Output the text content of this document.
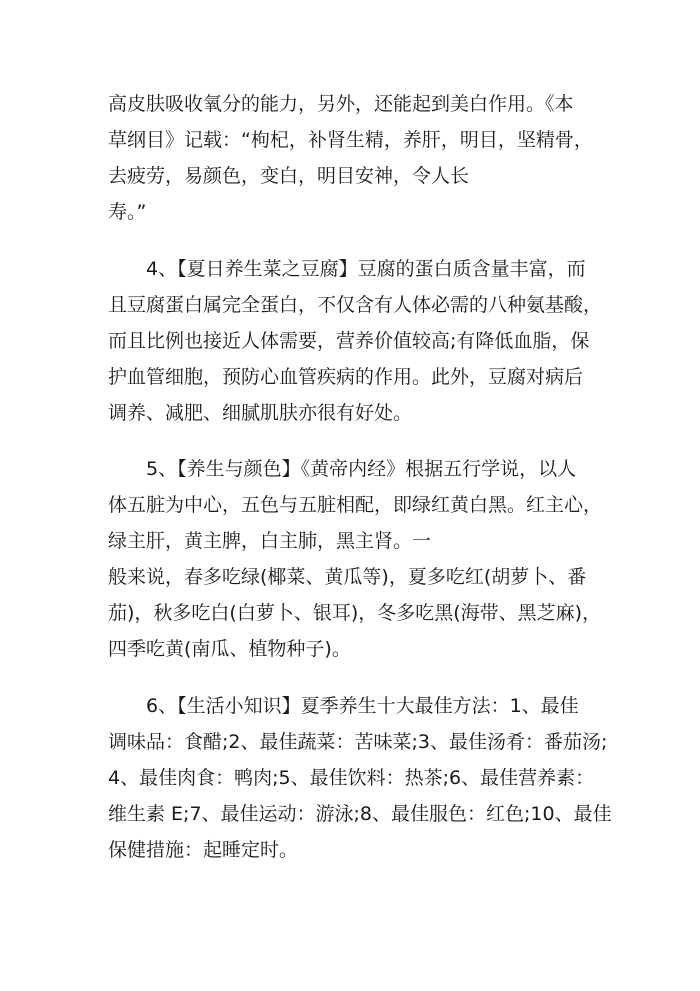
高皮肤吸收氧分的能力，另外，还能起到美白作用。《本
草纲目》记载：“枸杞，补肾生精，养肝，明目，坚精骨，
去疲劳，易颜色，变白，明目安神，令人长
寿。”
4、【夏日养生菜之豆腐】豆腐的蛋白质含量丰富，而
且豆腐蛋白属完全蛋白，不仅含有人体必需的八种氨基酸，
而且比例也接近人体需要，营养价值较高;有降低血脂，保
护血管细胞，预防心血管疾病的作用。此外，豆腐对病后
调养、减肥、细腻肌肤亦很有好处。
5、【养生与颜色】《黄帝内经》根据五行学说，以人
体五脏为中心，五色与五脏相配，即绿红黄白黑。红主心，
绿主肝，黄主脾，白主肺，黑主肾。一
般来说，春多吃绿(椰菜、黄瓜等)，夏多吃红(胡萝卜、番
茄)，秋多吃白(白萝卜、银耳)，冬多吃黑(海带、黑芝麻)，
四季吃黄(南瓜、植物种子)。
6、【生活小知识】夏季养生十大最佳方法：1、最佳
调味品：食醋;2、最佳蔬菜：苦味菜;3、最佳汤肴：番茄汤;
4、最佳肉食：鸭肉;5、最佳饮料：热茶;6、最佳营养素：
维生素 E;7、最佳运动：游泳;8、最佳服色：红色;10、最佳
保健措施：起睡定时。
